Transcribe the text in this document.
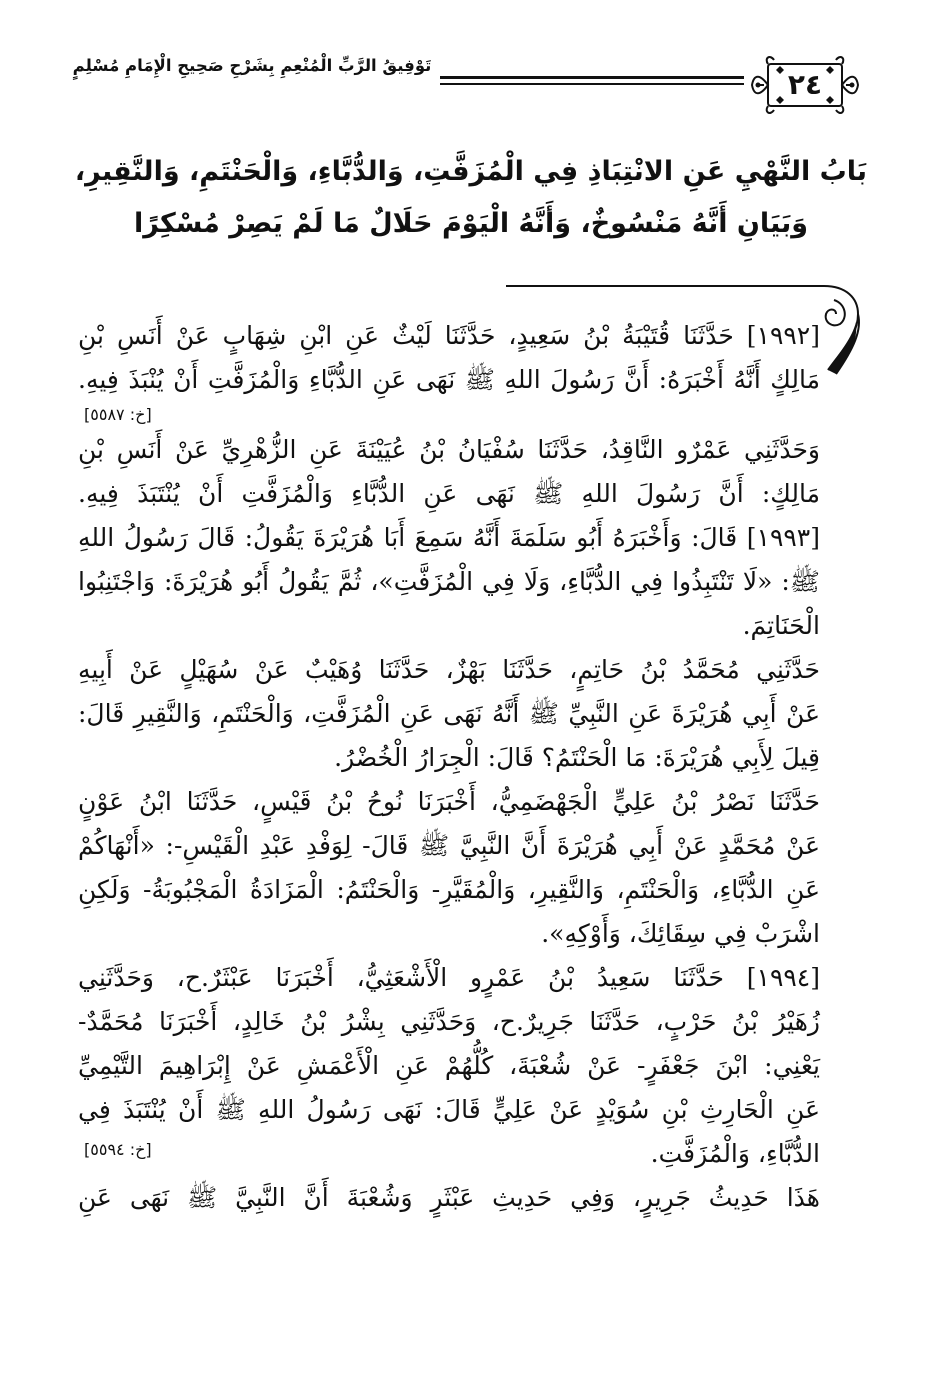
تَوْفِيقُ الرَّبِّ الْمُنْعِمِ بِشَرْحِ صَحِيحِ الْإِمَامِ مُسْلِمٍ
٢٤
بَابُ النَّهْيِ عَنِ الانْتِبَاذِ فِي الْمُزَفَّتِ، وَالدُّبَّاءِ، وَالْحَنْتَمِ، وَالنَّقِيرِ،
وَبَيَانِ أَنَّهُ مَنْسُوخٌ، وَأَنَّهُ الْيَوْمَ حَلَالٌ مَا لَمْ يَصِرْ مُسْكِرًا
[١٩٩٢] حَدَّثَنَا قُتَيْبَةُ بْنُ سَعِيدٍ، حَدَّثَنَا لَيْثٌ عَنِ ابْنِ شِهَابٍ عَنْ أَنَسِ بْنِ
مَالِكٍ أَنَّهُ أَخْبَرَهُ: أَنَّ رَسُولَ اللهِ ﷺ نَهَى عَنِ الدُّبَّاءِ وَالْمُزَفَّتِ أَنْ يُنْبَذَ فِيهِ.
[خ: ٥٥٨٧]
وَحَدَّثَنِي عَمْرٌو النَّاقِدُ، حَدَّثَنَا سُفْيَانُ بْنُ عُيَيْنَةَ عَنِ الزُّهْرِيِّ عَنْ أَنَسِ بْنِ
مَالِكٍ: أَنَّ رَسُولَ اللهِ ﷺ نَهَى عَنِ الدُّبَّاءِ وَالْمُزَفَّتِ أَنْ يُنْتَبَذَ فِيهِ.
[١٩٩٣] قَالَ: وَأَخْبَرَهُ أَبُو سَلَمَةَ أَنَّهُ سَمِعَ أَبَا هُرَيْرَةَ يَقُولُ: قَالَ رَسُولُ اللهِ
ﷺ: «لَا تَنْتَبِذُوا فِي الدُّبَّاءِ، وَلَا فِي الْمُزَفَّتِ»، ثُمَّ يَقُولُ أَبُو هُرَيْرَةَ: وَاجْتَنِبُوا
الْحَنَاتِمَ.
حَدَّثَنِي مُحَمَّدُ بْنُ حَاتِمٍ، حَدَّثَنَا بَهْزٌ، حَدَّثَنَا وُهَيْبٌ عَنْ سُهَيْلٍ عَنْ أَبِيهِ
عَنْ أَبِي هُرَيْرَةَ عَنِ النَّبِيِّ ﷺ أَنَّهُ نَهَى عَنِ الْمُزَفَّتِ، وَالْحَنْتَمِ، وَالنَّقِيرِ قَالَ:
قِيلَ لِأَبِي هُرَيْرَةَ: مَا الْحَنْتَمُ؟ قَالَ: الْجِرَارُ الْخُضْرُ.
حَدَّثَنَا نَصْرُ بْنُ عَلِيٍّ الْجَهْضَمِيُّ، أَخْبَرَنَا نُوحُ بْنُ قَيْسٍ، حَدَّثَنَا ابْنُ عَوْنٍ
عَنْ مُحَمَّدٍ عَنْ أَبِي هُرَيْرَةَ أَنَّ النَّبِيَّ ﷺ قَالَ- لِوَفْدِ عَبْدِ الْقَيْسِ-: «أَنْهَاكُمْ
عَنِ الدُّبَّاءِ، وَالْحَنْتَمِ، وَالنَّقِيرِ، وَالْمُقَيَّرِ- وَالْحَنْتَمُ: الْمَزَادَةُ الْمَجْبُوبَةُ- وَلَكِنِ
اشْرَبْ فِي سِقَائِكَ، وَأَوْكِهِ».
[١٩٩٤] حَدَّثَنَا سَعِيدُ بْنُ عَمْرٍو الْأَشْعَثِيُّ، أَخْبَرَنَا عَبْثَرٌ.ح، وَحَدَّثَنِي
زُهَيْرُ بْنُ حَرْبٍ، حَدَّثَنَا جَرِيرٌ.ح، وَحَدَّثَنِي بِشْرُ بْنُ خَالِدٍ، أَخْبَرَنَا مُحَمَّدٌ-
يَعْنِي: ابْنَ جَعْفَرٍ- عَنْ شُعْبَةَ، كُلُّهُمْ عَنِ الْأَعْمَشِ عَنْ إِبْرَاهِيمَ التَّيْمِيِّ
عَنِ الْحَارِثِ بْنِ سُوَيْدٍ عَنْ عَلِيٍّ قَالَ: نَهَى رَسُولُ اللهِ ﷺ أَنْ يُنْتَبَذَ فِي
الدُّبَّاءِ، وَالْمُزَفَّتِ.
[خ: ٥٥٩٤]
هَذَا حَدِيثُ جَرِيرٍ، وَفِي حَدِيثِ عَبْثَرٍ وَشُعْبَةَ أَنَّ النَّبِيَّ ﷺ نَهَى عَنِ
